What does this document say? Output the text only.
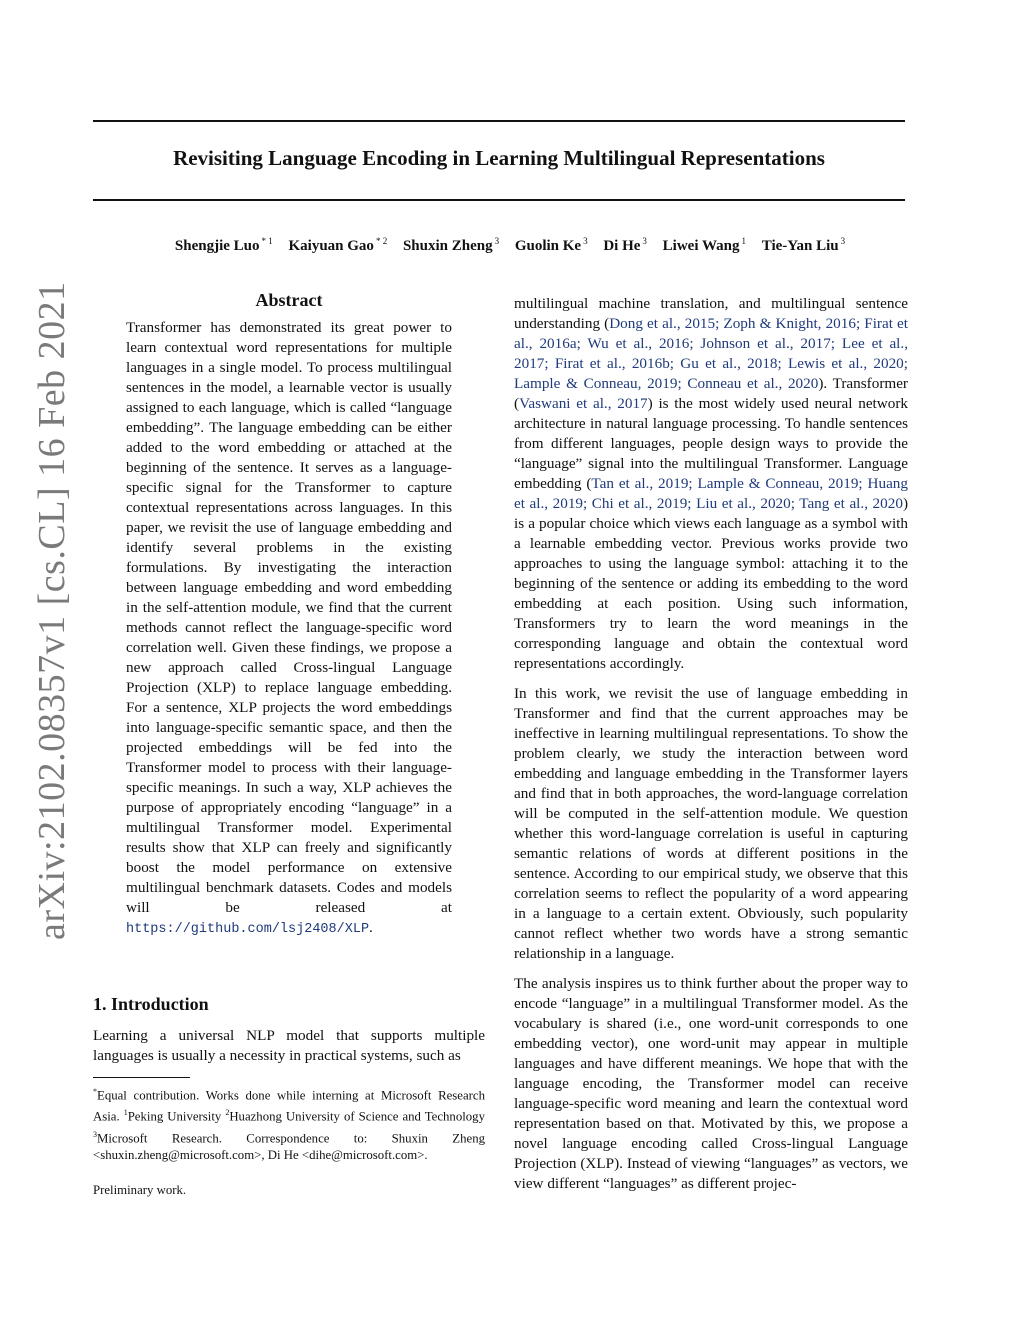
Revisiting Language Encoding in Learning Multilingual Representations
Shengjie Luo $^{* 1}$ Kaiyuan Gao $^{* 2}$ Shuxin Zheng $^3$ Guolin Ke $^3$ Di He $^3$ Liwei Wang $^1$ Tie-Yan Liu $^3$
arXiv:2102.08357v1 [cs.CL] 16 Feb 2021	Abstract

Transformer has demonstrated its great power to learn contextual word representations for multiple languages in a single model. To process multilingual sentences in the model, a learnable vector is usually assigned to each language, which is called “language embedding”. The language embedding can be either added to the word embedding or attached at the beginning of the sentence. It serves as a language-specific signal for the Transformer to capture contextual representations across languages. In this paper, we revisit the use of language embedding and identify several problems in the existing formulations. By investigating the interaction between language embedding and word embedding in the self-attention module, we find that the current methods cannot reflect the language-specific word correlation well. Given these findings, we propose a new approach called Cross-lingual Language Projection (XLP) to replace language embedding. For a sentence, XLP projects the word embeddings into language-specific semantic space, and then the projected embeddings will be fed into the Transformer model to process with their language-specific meanings. In such a way, XLP achieves the purpose of appropriately encoding “language” in a multilingual Transformer model. Experimental results show that XLP can freely and significantly boost the model performance on extensive multilingual benchmark datasets. Codes and models will be released at https://github.com/lsj2408/XLP.

1. Introduction

Learning a universal NLP model that supports multiple languages is usually a necessity in practical systems, such as

*Equal contribution. Works done while interning at Microsoft Research Asia. $^1$Peking University $^2$Huazhong University of Science and Technology $^3$Microsoft Research. Correspondence to: Shuxin Zheng <shuxin.zheng@microsoft.com>, Di He <dihe@microsoft.com>.
Preliminary work.

multilingual machine translation, and multilingual sentence understanding (Dong et al., 2015; Zoph & Knight, 2016; Firat et al., 2016a; Wu et al., 2016; Johnson et al., 2017; Lee et al., 2017; Firat et al., 2016b; Gu et al., 2018; Lewis et al., 2020; Lample & Conneau, 2019; Conneau et al., 2020). Transformer (Vaswani et al., 2017) is the most widely used neural network architecture in natural language processing. To handle sentences from different languages, people design ways to provide the “language” signal into the multilingual Transformer. Language embedding (Tan et al., 2019; Lample & Conneau, 2019; Huang et al., 2019; Chi et al., 2019; Liu et al., 2020; Tang et al., 2020) is a popular choice which views each language as a symbol with a learnable embedding vector. Previous works provide two approaches to using the language symbol: attaching it to the beginning of the sentence or adding its embedding to the word embedding at each position. Using such information, Transformers try to learn the word meanings in the corresponding language and obtain the contextual word representations accordingly.

In this work, we revisit the use of language embedding in Transformer and find that the current approaches may be ineffective in learning multilingual representations. To show the problem clearly, we study the interaction between word embedding and language embedding in the Transformer layers and find that in both approaches, the word-language correlation will be computed in the self-attention module. We question whether this word-language correlation is useful in capturing semantic relations of words at different positions in the sentence. According to our empirical study, we observe that this correlation seems to reflect the popularity of a word appearing in a language to a certain extent. Obviously, such popularity cannot reflect whether two words have a strong semantic relationship in a language.

The analysis inspires us to think further about the proper way to encode “language” in a multilingual Transformer model. As the vocabulary is shared (i.e., one word-unit corresponds to one embedding vector), one word-unit may appear in multiple languages and have different meanings. We hope that with the language encoding, the Transformer model can receive language-specific word meaning and learn the contextual word representation based on that. Motivated by this, we propose a novel language encoding called Cross-lingual Language Projection (XLP). Instead of viewing “languages” as vectors, we view different “languages” as different projec-
